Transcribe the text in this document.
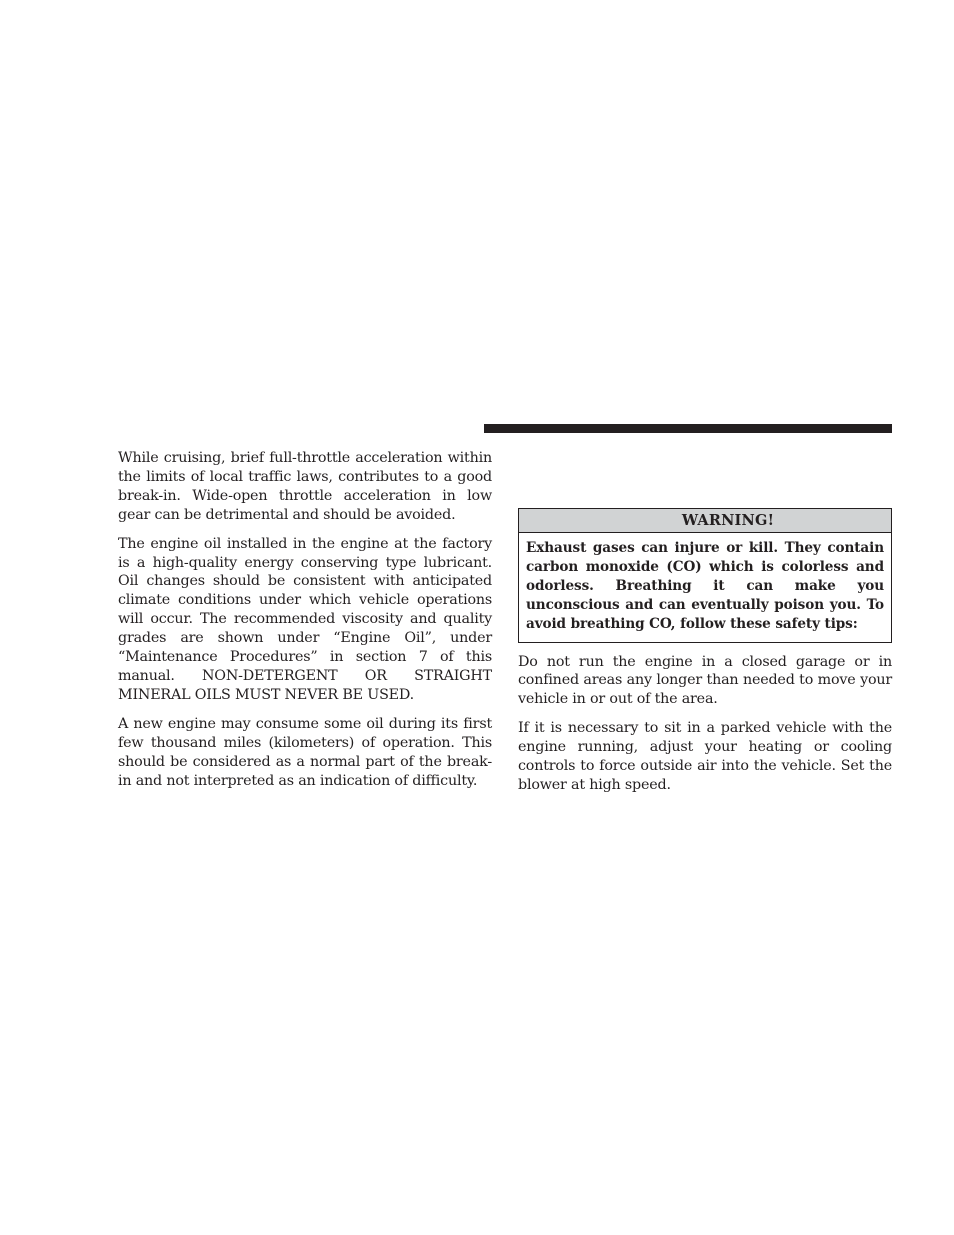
While cruising, brief full-throttle acceleration within the limits of local traffic laws, contributes to a good break-in. Wide-open throttle acceleration in low gear can be detrimental and should be avoided.

The engine oil installed in the engine at the factory is a high-quality energy conserving type lubricant. Oil changes should be consistent with anticipated climate conditions under which vehicle operations will occur. The recommended viscosity and quality grades are shown under “Engine Oil”, under “Maintenance Procedures” in section 7 of this manual. NON-DETERGENT OR STRAIGHT MINERAL OILS MUST NEVER BE USED.

A new engine may consume some oil during its first few thousand miles (kilometers) of operation. This should be considered as a normal part of the break-in and not interpreted as an indication of difficulty.

WARNING!
Exhaust gases can injure or kill. They contain carbon monoxide (CO) which is colorless and odorless. Breathing it can make you unconscious and can eventually poison you. To avoid breathing CO, follow these safety tips:

Do not run the engine in a closed garage or in confined areas any longer than needed to move your vehicle in or out of the area.

If it is necessary to sit in a parked vehicle with the engine running, adjust your heating or cooling controls to force outside air into the vehicle. Set the blower at high speed.
